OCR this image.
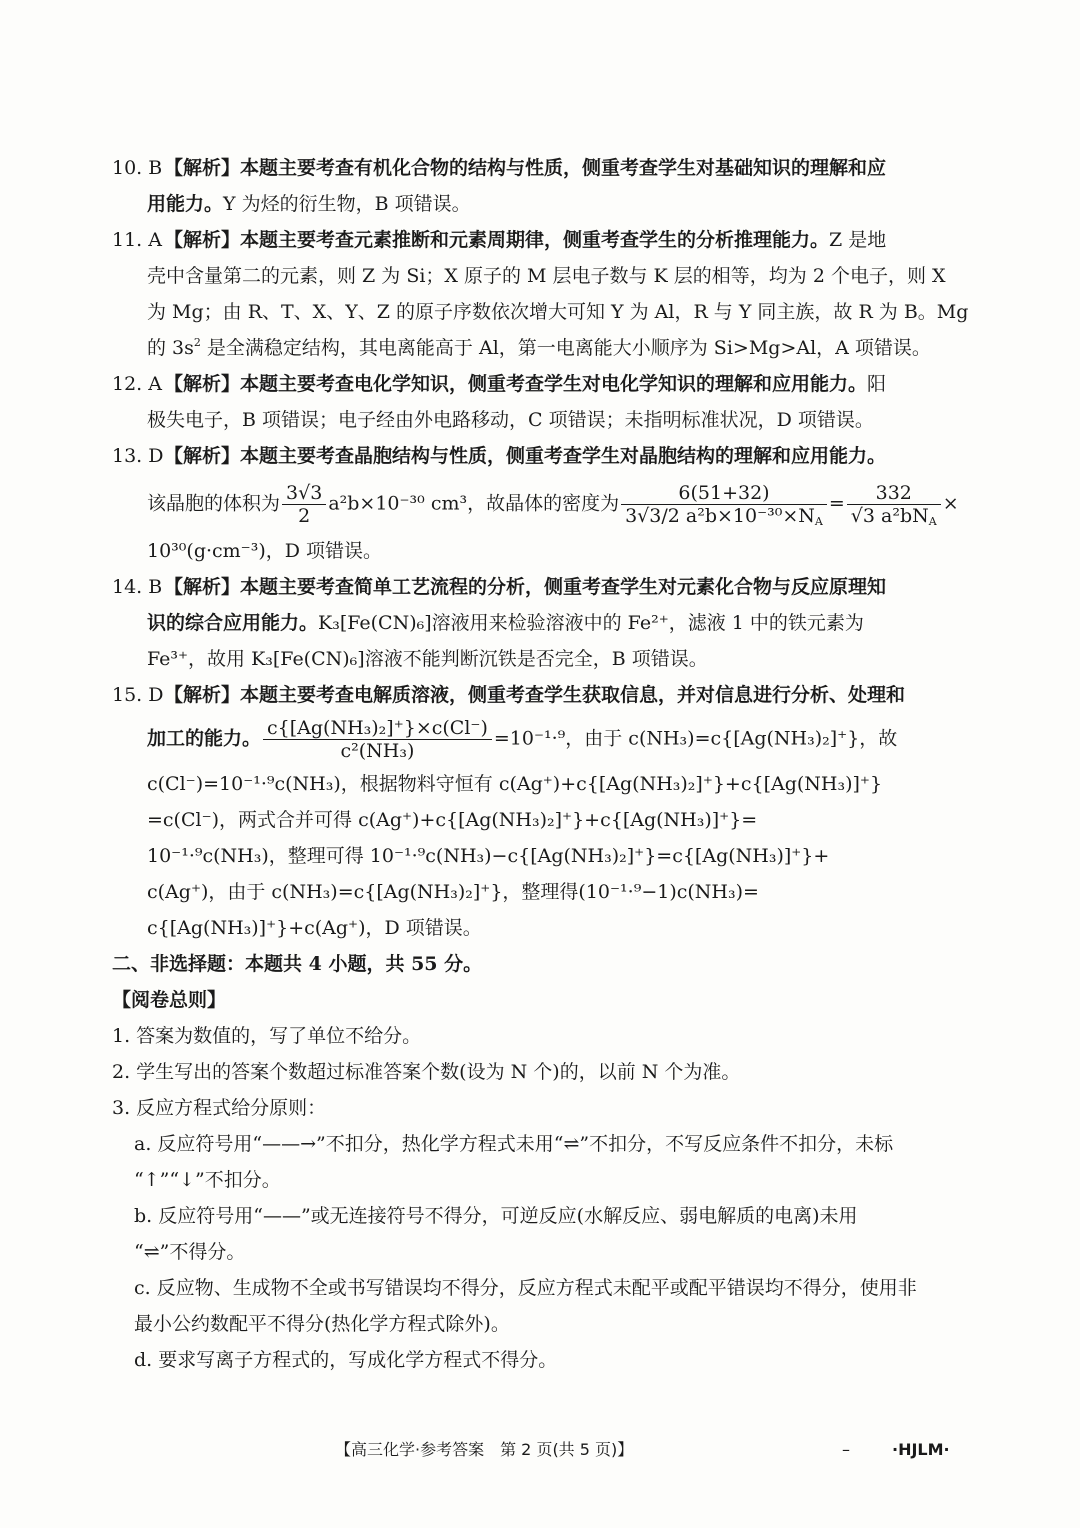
10. B【解析】本题主要考查有机化合物的结构与性质，侧重考查学生对基础知识的理解和应
用能力。Y 为烃的衍生物，B 项错误。
11. A 【解析】本题主要考查元素推断和元素周期律，侧重考查学生的分析推理能力。Z 是地
壳中含量第二的元素，则 Z 为 Si；X 原子的 M 层电子数与 K 层的相等，均为 2 个电子，则 X
为 Mg；由 R、T、X、Y、Z 的原子序数依次增大可知 Y 为 Al，R 与 Y 同主族，故 R 为 B。Mg
的 $3s^2$ 是全满稳定结构，其电离能高于 Al，第一电离能大小顺序为 Si>Mg>Al，A 项错误。
12. A 【解析】本题主要考查电化学知识，侧重考查学生对电化学知识的理解和应用能力。阳
极失电子，B 项错误；电子经由外电路移动，C 项错误；未指明标准状况，D 项错误。
13. D【解析】本题主要考查晶胞结构与性质，侧重考查学生对晶胞结构的理解和应用能力。
该晶胞的体积为 $\frac{3√3}{2} a^2b\times 10^{-30}$ cm³，故晶体的密度为 $\frac{6(51+32)}{3√3/2 a^2b\times 10^{-30}\times N_A} = \frac{332}{√3 a^2bN_A}$ ×
10³⁰(g·cm⁻³)，D 项错误。
14. B【解析】本题主要考查简单工艺流程的分析，侧重考查学生对元素化合物与反应原理知
识的综合应用能力。K₃[Fe(CN)₆]溶液用来检验溶液中的 Fe²⁺，滤液 1 中的铁元素为
Fe³⁺，故用 K₃[Fe(CN)₆]溶液不能判断沉铁是否完全，B 项错误。
15. D【解析】本题主要考查电解质溶液，侧重考查学生获取信息，并对信息进行分析、处理和
加工的能力。 $\frac{\text{c\{[Ag(NH₃)₂]⁺\}×c(Cl⁻)}}{\text{c²(NH₃)}} =10^{-1}\cdot^9$，由于 c(NH₃)=c{[Ag(NH₃)₂]⁺}，故
c(Cl⁻)=10⁻¹·⁹c(NH₃)，根据物料守恒有 c(Ag⁺)+c{[Ag(NH₃)₂]⁺}+c{[Ag(NH₃)]⁺}
=c(Cl⁻)，两式合并可得 c(Ag⁺)+c{[Ag(NH₃)₂]⁺}+c{[Ag(NH₃)]⁺}=
10⁻¹·⁹c(NH₃)，整理可得 10⁻¹·⁹c(NH₃)−c{[Ag(NH₃)₂]⁺}=c{[Ag(NH₃)]⁺}+
c(Ag⁺)，由于 c(NH₃)=c{[Ag(NH₃)₂]⁺}，整理得(10⁻¹·⁹−1)c(NH₃)=
c{[Ag(NH₃)]⁺}+c(Ag⁺)，D 项错误。
二、非选择题：本题共 4 小题，共 55 分。
【阅卷总则】
1. 答案为数值的，写了单位不给分。
2. 学生写出的答案个数超过标准答案个数(设为 N 个)的，以前 N 个为准。
3. 反应方程式给分原则：
a. 反应符号用“——→”不扣分，热化学方程式未用“⇌”不扣分，不写反应条件不扣分，未标
“↑”“↓”不扣分。
b. 反应符号用“——”或无连接符号不得分，可逆反应(水解反应、弱电解质的电离)未用
“⇌”不得分。
c. 反应物、生成物不全或书写错误均不得分，反应方程式未配平或配平错误均不得分，使用非
最小公约数配平不得分(热化学方程式除外)。
d. 要求写离子方程式的，写成化学方程式不得分。
【高三化学·参考答案　第 2 页(共 5 页)】	–	·HJLM·
